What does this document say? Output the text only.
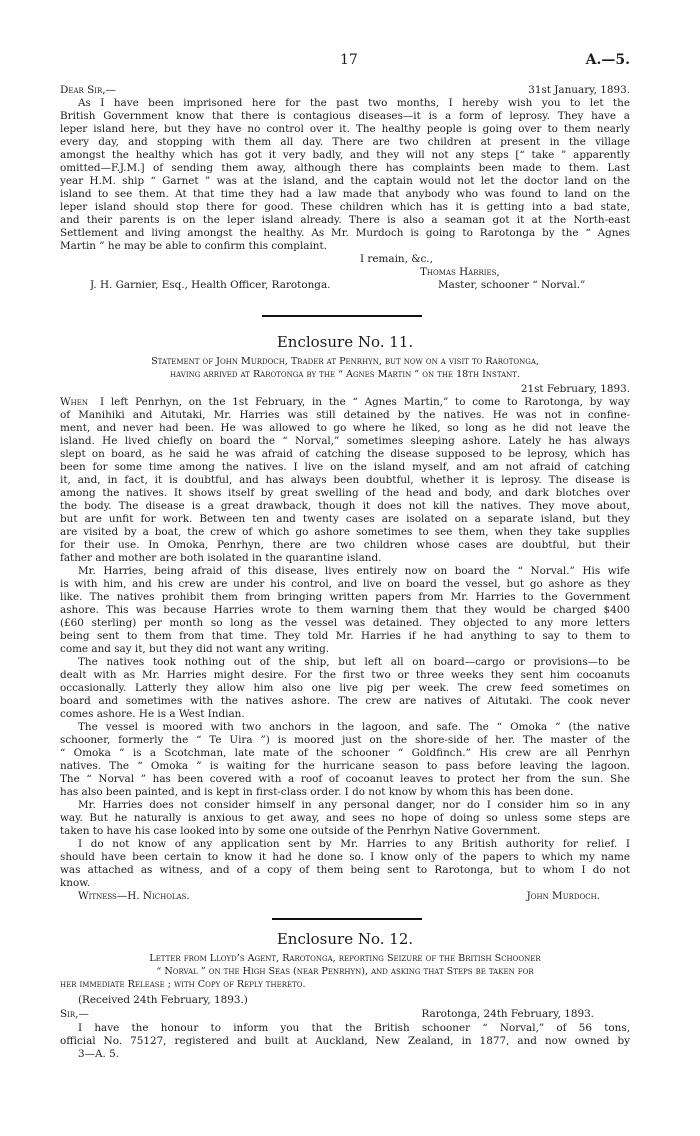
17	A.—5.
Dear Sir,—	31st January, 1893.
As I have been imprisoned here for the past two months, I hereby wish you to let the
British Government know that there is contagious diseases—it is a form of leprosy. They have a
leper island here, but they have no control over it. The healthy people is going over to them nearly
every day, and stopping with them all day. There are two children at present in the village
amongst the healthy which has got it very badly, and they will not any steps [“ take ” apparently
omitted—F.J.M.] of sending them away, although there has complaints been made to them. Last
year H.M. ship “ Garnet ” was at the island, and the captain would not let the doctor land on the
island to see them. At that time they had a law made that anybody who was found to land on the
leper island should stop there for good. These children which has it is getting into a bad state,
and their parents is on the leper island already. There is also a seaman got it at the North-east
Settlement and living amongst the healthy. As Mr. Murdoch is going to Rarotonga by the “ Agnes
Martin ” he may be able to confirm this complaint.
I remain, &c.,
Thomas Harries,
J. H. Garnier, Esq., Health Officer, Rarotonga.	Master, schooner “ Norval.”
Enclosure No. 11.
Statement of John Murdoch, Trader at Penrhyn, but now on a visit to Rarotonga,
having arrived at Rarotonga by the “ Agnes Martin ” on the 18th Instant.
21st February, 1893.
When	I left Penrhyn, on the 1st February, in the “ Agnes Martin,” to come to Rarotonga, by way
of Manihiki and Aitutaki, Mr. Harries was still detained by the natives. He was not in confine-
ment, and never had been. He was allowed to go where he liked, so long as he did not leave the
island. He lived chiefly on board the “ Norval,” sometimes sleeping ashore. Lately he has always
slept on board, as he said he was afraid of catching the disease supposed to be leprosy, which has
been for some time among the natives. I live on the island myself, and am not afraid of catching
it, and, in fact, it is doubtful, and has always been doubtful, whether it is leprosy. The disease is
among the natives. It shows itself by great swelling of the head and body, and dark blotches over
the body. The disease is a great drawback, though it does not kill the natives. They move about,
but are unfit for work. Between ten and twenty cases are isolated on a separate island, but they
are visited by a boat, the crew of which go ashore sometimes to see them, when they take supplies
for their use. In Omoka, Penrhyn, there are two children whose cases are doubtful, but their
father and mother are both isolated in the quarantine island.
Mr. Harries, being afraid of this disease, lives entirely now on board the “ Norval.” His wife
is with him, and his crew are under his control, and live on board the vessel, but go ashore as they
like. The natives prohibit them from bringing written papers from Mr. Harries to the Government
ashore. This was because Harries wrote to them warning them that they would be charged $400
(£60 sterling) per month so long as the vessel was detained. They objected to any more letters
being sent to them from that time. They told Mr. Harries if he had anything to say to them to
come and say it, but they did not want any writing.
The natives took nothing out of the ship, but left all on board—cargo or provisions—to be
dealt with as Mr. Harries might desire. For the first two or three weeks they sent him cocoanuts
occasionally. Latterly they allow him also one live pig per week. The crew feed sometimes on
board and sometimes with the natives ashore. The crew are natives of Aitutaki. The cook never
comes ashore. He is a West Indian.
The vessel is moored with two anchors in the lagoon, and safe. The “ Omoka ” (the native
schooner, formerly the “ Te Uira ”) is moored just on the shore-side of her. The master of the
“ Omoka ” is a Scotchman, late mate of the schooner “ Goldfinch.” His crew are all Penrhyn
natives. The “ Omoka ” is waiting for the hurricane season to pass before leaving the lagoon.
The “ Norval ” has been covered with a roof of cocoanut leaves to protect her from the sun. She
has also been painted, and is kept in first-class order. I do not know by whom this has been done.
Mr. Harries does not consider himself in any personal danger, nor do I consider him so in any
way. But he naturally is anxious to get away, and sees no hope of doing so unless some steps are
taken to have his case looked into by some one outside of the Penrhyn Native Government.
I do not know of any application sent by Mr. Harries to any British authority for relief. I
should have been certain to know it had he done so. I know only of the papers to which my name
was attached as witness, and of a copy of them being sent to Rarotonga, but to whom I do not
know.
Witness—H. Nicholas.	John Murdoch.
Enclosure No. 12.
Letter from Lloyd’s Agent, Rarotonga, reporting Seizure of the British Schooner
“ Norval ” on the High Seas (near Penrhyn), and asking that Steps be taken for
her immediate Release ; with Copy of Reply thereto.
(Received 24th February, 1893.)
Sir,—	Rarotonga, 24th February, 1893.
I have the honour to inform you that the British schooner “ Norval,” of 56 tons,
official No. 75127, registered and built at Auckland, New Zealand, in 1877, and now owned by
3—A. 5.
